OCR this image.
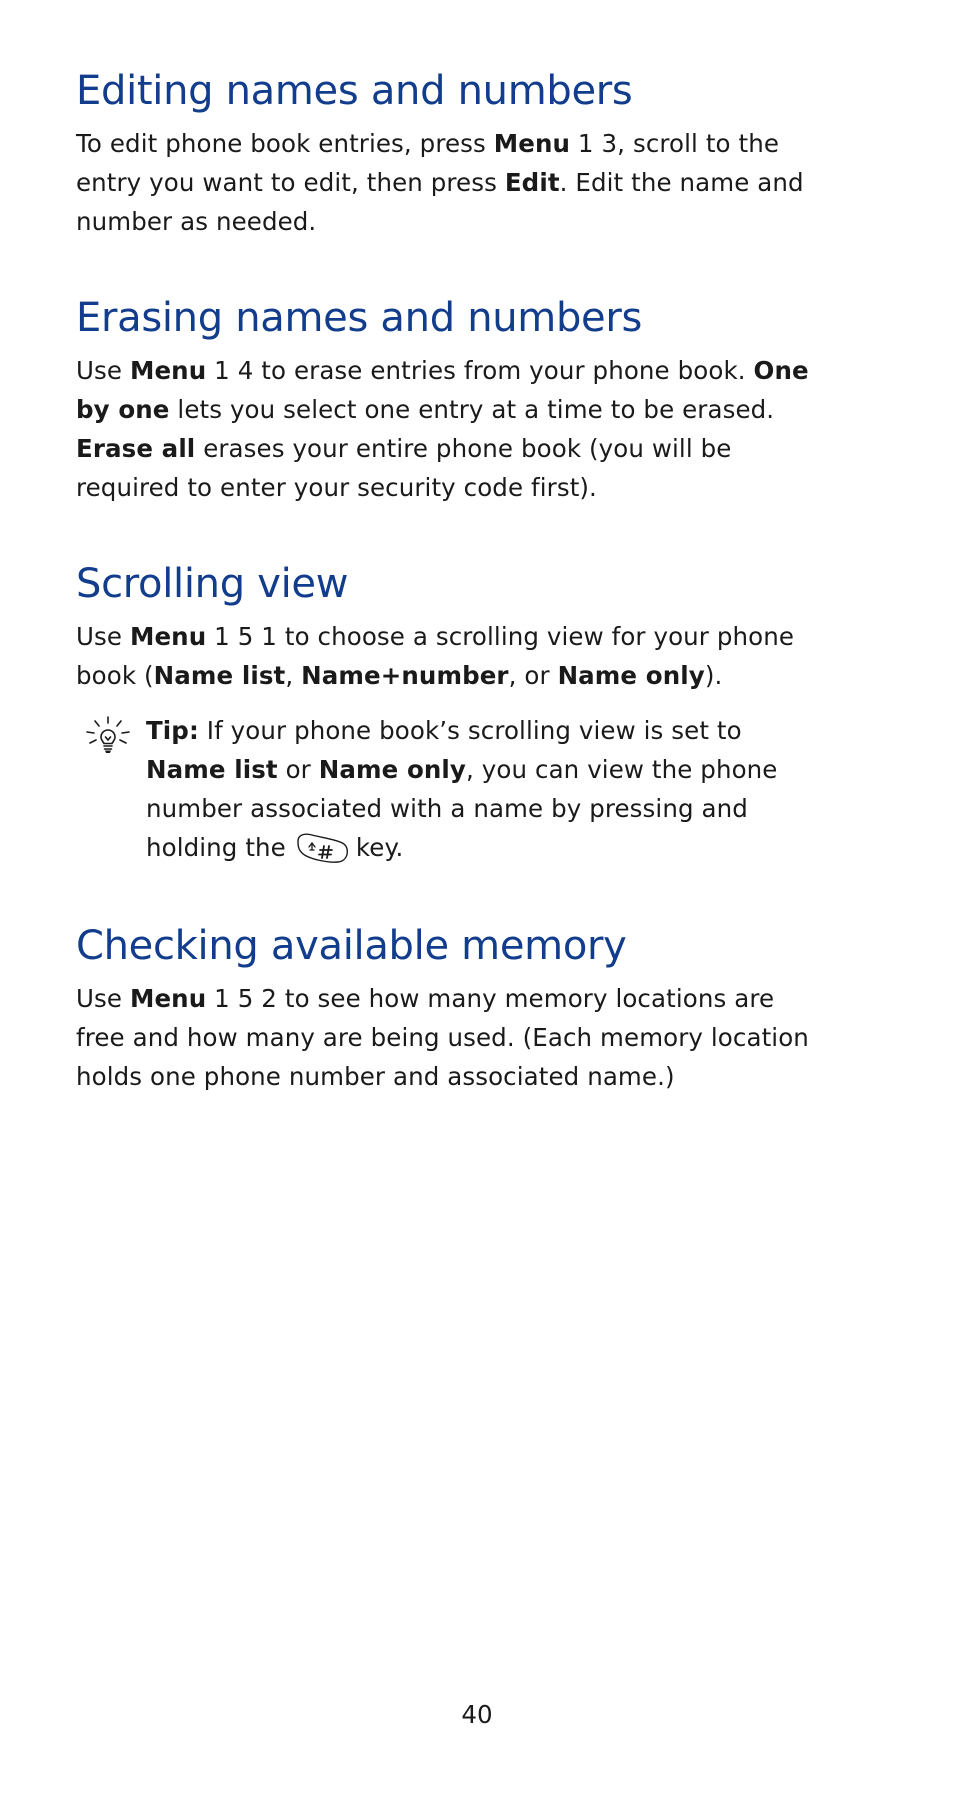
Editing names and numbers

To edit phone book entries, press Menu 1 3, scroll to the entry you want to edit, then press Edit. Edit the name and number as needed.

Erasing names and numbers

Use Menu 1 4 to erase entries from your phone book. One by one lets you select one entry at a time to be erased. Erase all erases your entire phone book (you will be required to enter your security code first).

Scrolling view

Use Menu 1 5 1 to choose a scrolling view for your phone book (Name list, Name+number, or Name only).

Tip: If your phone book’s scrolling view is set to Name list or Name only, you can view the phone number associated with a name by pressing and holding the	key.

Checking available memory

Use Menu 1 5 2 to see how many memory locations are free and how many are being used. (Each memory location holds one phone number and associated name.)

40
